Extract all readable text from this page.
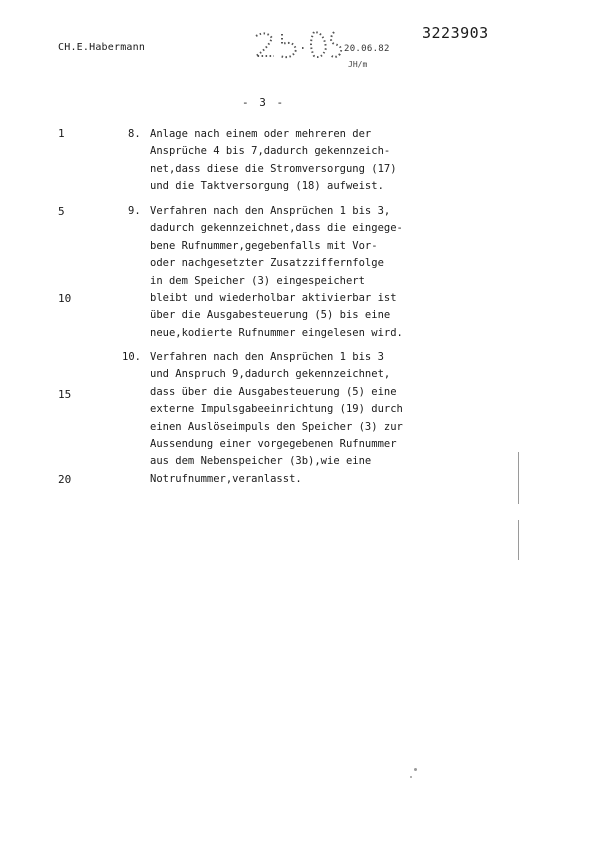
CH.E.Habermann	20.06.82
JH/m
3223903
- 3 -
1
5
10
15
20
8. Anlage nach einem oder mehreren der
Ansprüche 4 bis 7,dadurch gekennzeich-
net,dass diese die Stromversorgung (17)
und die Taktversorgung (18) aufweist.
9. Verfahren nach den Ansprüchen 1 bis 3,
dadurch gekennzeichnet,dass die eingege-
bene Rufnummer,gegebenfalls mit Vor-
oder nachgesetzter Zusatzziffernfolge
in dem Speicher (3) eingespeichert
bleibt und wiederholbar aktivierbar ist
über die Ausgabesteuerung (5) bis eine
neue,kodierte Rufnummer eingelesen wird.
10. Verfahren nach den Ansprüchen 1 bis 3
und Anspruch 9,dadurch gekennzeichnet,
dass über die Ausgabesteuerung (5) eine
externe Impulsgabeeinrichtung (19) durch
einen Auslöseimpuls den Speicher (3) zur
Aussendung einer vorgegebenen Rufnummer
aus dem Nebenspeicher (3b),wie eine
Notrufnummer,veranlasst.
